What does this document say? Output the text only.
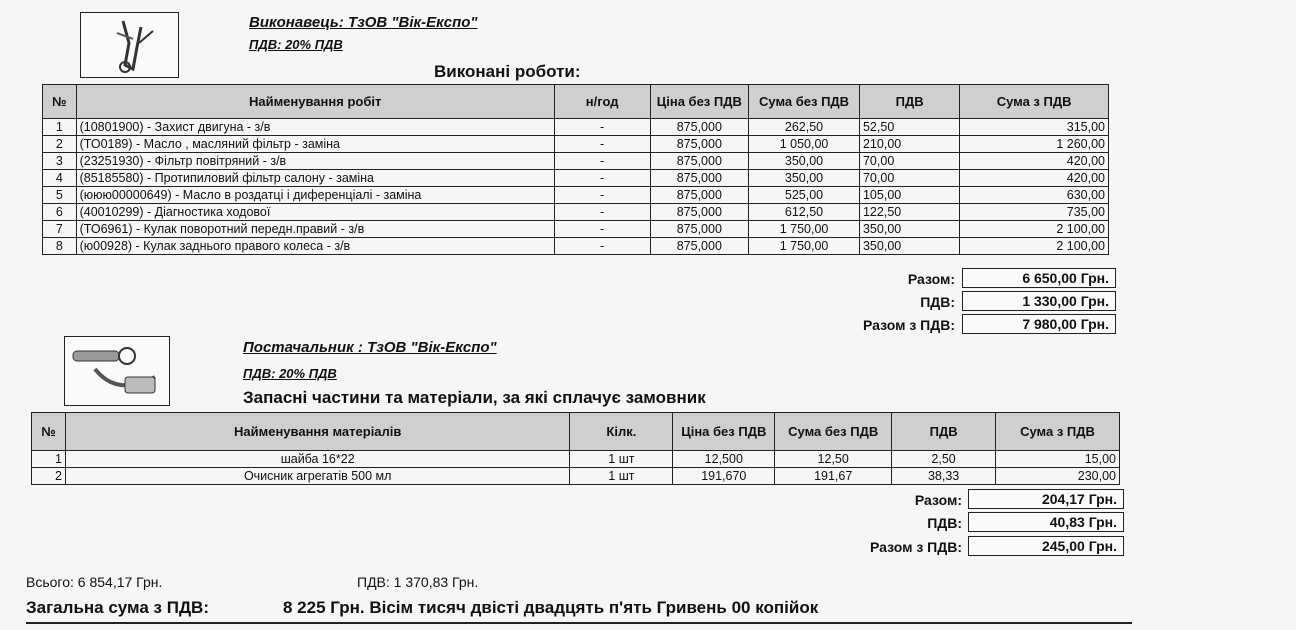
Виконавець: ТзОВ "Вік-Експо"
ПДВ: 20% ПДВ
Виконані роботи:
№	Найменування робіт	н/год	Ціна без ПДВ	Сума без ПДВ	ПДВ	Сума з ПДВ
1	(10801900) - Захист двигуна - з/в	-	875,000	262,50	52,50	315,00
2	(ТО0189) - Масло , масляний фільтр - заміна	-	875,000	1 050,00	210,00	1 260,00
3	(23251930) - Фільтр повітряний - з/в	-	875,000	350,00	70,00	420,00
4	(85185580) - Протипиловий фільтр салону - заміна	-	875,000	350,00	70,00	420,00
5	(ююю00000649) - Масло в роздатці і диференціалі - заміна	-	875,000	525,00	105,00	630,00
6	(40010299) - Діагностика ходової	-	875,000	612,50	122,50	735,00
7	(ТО6961) - Кулак поворотний передн.правий - з/в	-	875,000	1 750,00	350,00	2 100,00
8	(ю00928) - Кулак заднього правого колеса - з/в	-	875,000	1 750,00	350,00	2 100,00
Разом:	6 650,00 Грн.
ПДВ:	1 330,00 Грн.
Разом з ПДВ:	7 980,00 Грн.
Постачальник : ТзОВ "Вік-Експо"
ПДВ: 20% ПДВ
Запасні частини та матеріали, за які сплачує замовник
№	Найменування матеріалів	Кілк.	Ціна без ПДВ	Сума без ПДВ	ПДВ	Сума з ПДВ
1	шайба 16*22	1 шт	12,500	12,50	2,50	15,00
2	Очисник агрегатів 500 мл	1 шт	191,670	191,67	38,33	230,00
Разом:	204,17 Грн.
ПДВ:	40,83 Грн.
Разом з ПДВ:	245,00 Грн.
Всього: 6 854,17 Грн.	ПДВ: 1 370,83 Грн.
Загальна сума з ПДВ:	8 225 Грн. Вісім тисяч двісті двадцять п'ять Гривень 00 копійок
